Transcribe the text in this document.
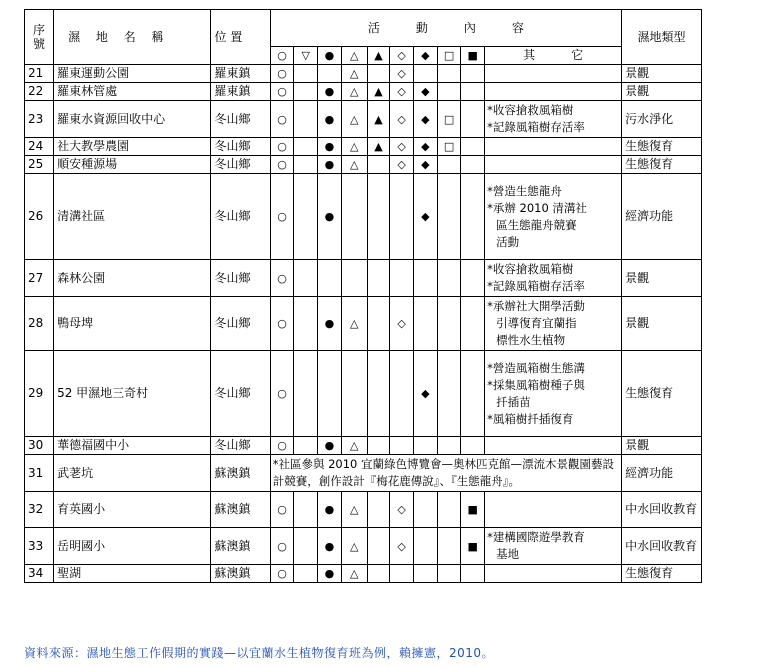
序號	濕 地 名 稱	位 置	活　　　動　　　內　　　容										濕地類型
			○	▽	●	△	▲	◇	◆	□	■	其　　　它	
21	羅東運動公園	羅東鎮	○			△		◇					景觀
22	羅東林管處	羅東鎮	○		●	△	▲	◇	◆				景觀
23	羅東水資源回收中心	冬山鄉	○		●	△	▲	◇	◆	□		*收容搶救風箱樹
*記錄風箱樹存活率	污水淨化
24	社大教學農園	冬山鄉	○		●	△	▲	◇	◆	□			生態復育
25	順安種源場	冬山鄉	○		●	△		◇	◆				生態復育
26	清溝社區	冬山鄉	○		●				◆			*營造生態龍舟
*承辦 2010 清溝社
區生態龍舟競賽
活動	經濟功能
27	森林公園	冬山鄉	○									*收容搶救風箱樹
*記錄風箱樹存活率	景觀
28	鴨母埤	冬山鄉	○		●	△		◇				*承辦社大開學活動
引導復育宜蘭指
標性水生植物	景觀
29	52 甲濕地三奇村	冬山鄉	○						◆			*營造風箱樹生態溝
*採集風箱樹種子與
扦插苗
*風箱樹扦插復育	生態復育
30	華德福國中小	冬山鄉	○		●	△							景觀
31	武荖坑	蘇澳鎮	*社區參與 2010 宜蘭綠色博覽會—奧林匹克館—漂流木景觀園藝設計競賽，創作設計『梅花鹿傳說』、『生態龍舟』。										經濟功能
32	育英國小	蘇澳鎮	○		●	△		◇			■		中水回收教育
33	岳明國小	蘇澳鎮	○		●	△		◇			■	*建構國際遊學教育
基地	中水回收教育
34	聖湖	蘇澳鎮	○		●	△							生態復育
資料來源：濕地生態工作假期的實踐—以宜蘭水生植物復育班為例，賴擁憲，2010。
